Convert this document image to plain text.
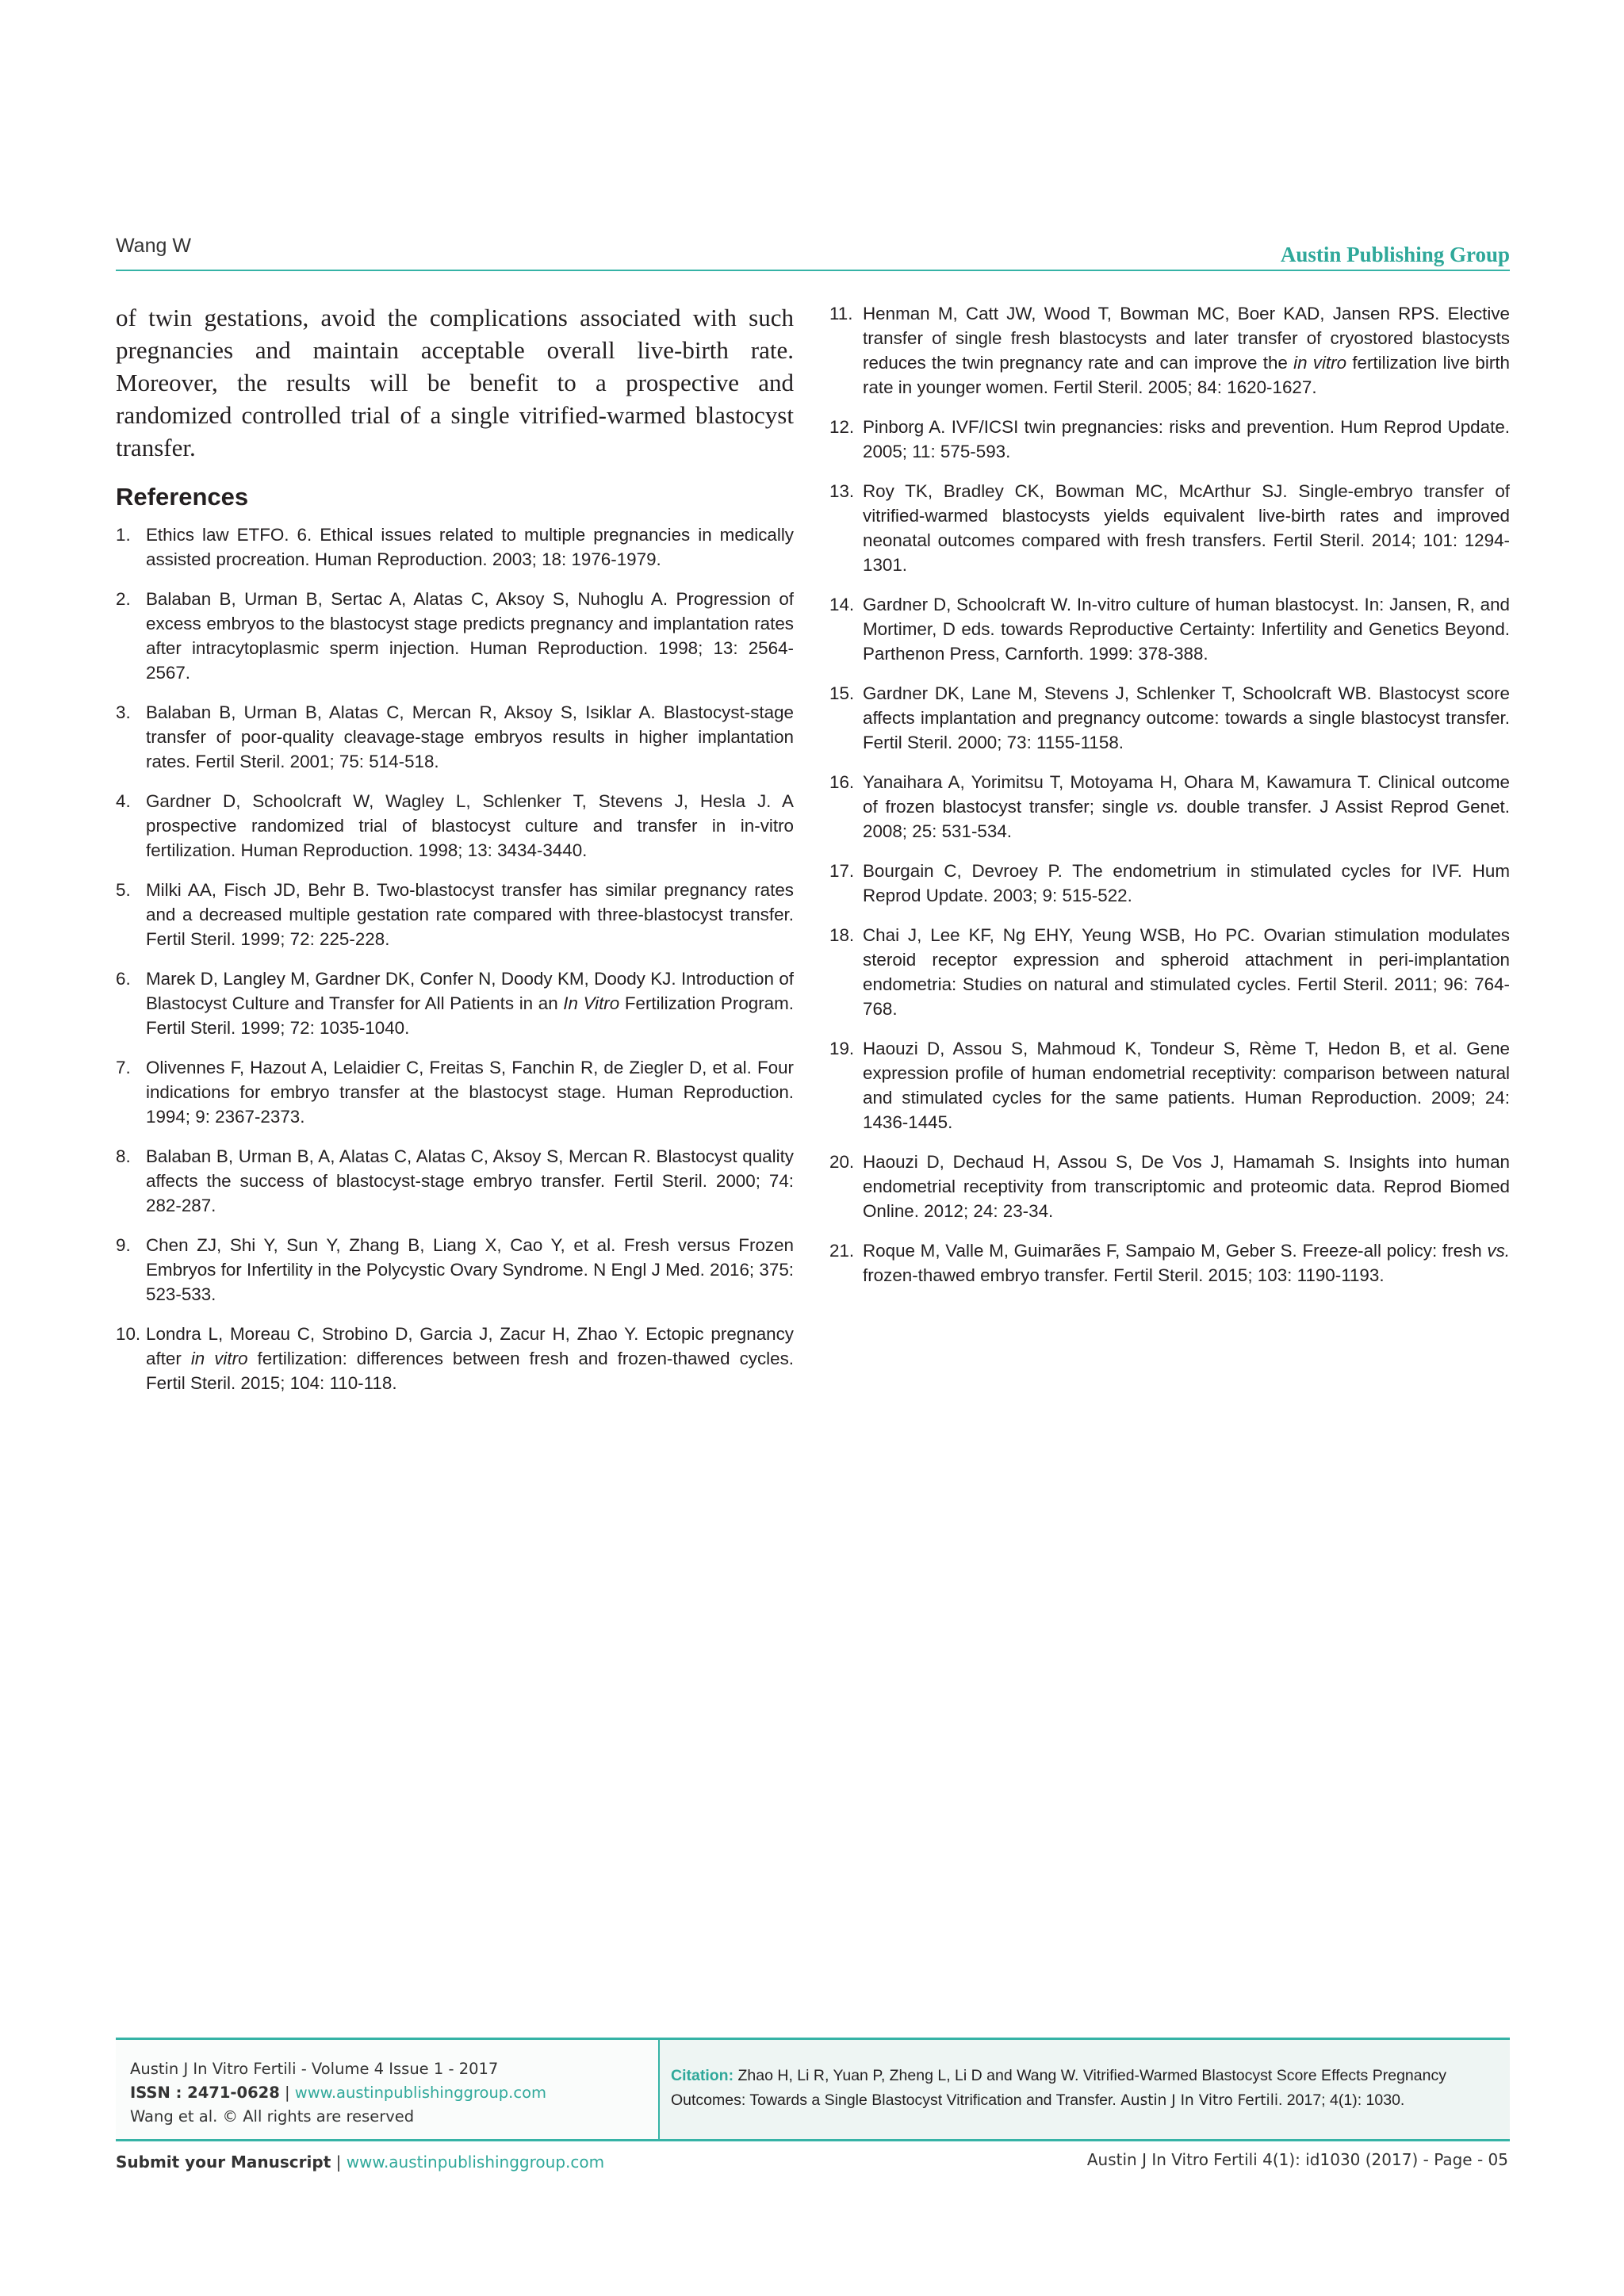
Wang W	Austin Publishing Group

of twin gestations, avoid the complications associated with such pregnancies and maintain acceptable overall live-birth rate. Moreover, the results will be benefit to a prospective and randomized controlled trial of a single vitrified-warmed blastocyst transfer.

References
1. Ethics law ETFO. 6. Ethical issues related to multiple pregnancies in medically assisted procreation. Human Reproduction. 2003; 18: 1976-1979.
2. Balaban B, Urman B, Sertac A, Alatas C, Aksoy S, Nuhoglu A. Progression of excess embryos to the blastocyst stage predicts pregnancy and implantation rates after intracytoplasmic sperm injection. Human Reproduction. 1998; 13: 2564-2567.
3. Balaban B, Urman B, Alatas C, Mercan R, Aksoy S, Isiklar A. Blastocyst-stage transfer of poor-quality cleavage-stage embryos results in higher implantation rates. Fertil Steril. 2001; 75: 514-518.
4. Gardner D, Schoolcraft W, Wagley L, Schlenker T, Stevens J, Hesla J. A prospective randomized trial of blastocyst culture and transfer in in-vitro fertilization. Human Reproduction. 1998; 13: 3434-3440.
5. Milki AA, Fisch JD, Behr B. Two-blastocyst transfer has similar pregnancy rates and a decreased multiple gestation rate compared with three-blastocyst transfer. Fertil Steril. 1999; 72: 225-228.
6. Marek D, Langley M, Gardner DK, Confer N, Doody KM, Doody KJ. Introduction of Blastocyst Culture and Transfer for All Patients in an In Vitro Fertilization Program. Fertil Steril. 1999; 72: 1035-1040.
7. Olivennes F, Hazout A, Lelaidier C, Freitas S, Fanchin R, de Ziegler D, et al. Four indications for embryo transfer at the blastocyst stage. Human Reproduction. 1994; 9: 2367-2373.
8. Balaban B, Urman B, A, Alatas C, Alatas C, Aksoy S, Mercan R. Blastocyst quality affects the success of blastocyst-stage embryo transfer. Fertil Steril. 2000; 74: 282-287.
9. Chen ZJ, Shi Y, Sun Y, Zhang B, Liang X, Cao Y, et al. Fresh versus Frozen Embryos for Infertility in the Polycystic Ovary Syndrome. N Engl J Med. 2016; 375: 523-533.
10. Londra L, Moreau C, Strobino D, Garcia J, Zacur H, Zhao Y. Ectopic pregnancy after in vitro fertilization: differences between fresh and frozen-thawed cycles. Fertil Steril. 2015; 104: 110-118.
11. Henman M, Catt JW, Wood T, Bowman MC, Boer KAD, Jansen RPS. Elective transfer of single fresh blastocysts and later transfer of cryostored blastocysts reduces the twin pregnancy rate and can improve the in vitro fertilization live birth rate in younger women. Fertil Steril. 2005; 84: 1620-1627.
12. Pinborg A. IVF/ICSI twin pregnancies: risks and prevention. Hum Reprod Update. 2005; 11: 575-593.
13. Roy TK, Bradley CK, Bowman MC, McArthur SJ. Single-embryo transfer of vitrified-warmed blastocysts yields equivalent live-birth rates and improved neonatal outcomes compared with fresh transfers. Fertil Steril. 2014; 101: 1294-1301.
14. Gardner D, Schoolcraft W. In-vitro culture of human blastocyst. In: Jansen, R, and Mortimer, D eds. towards Reproductive Certainty: Infertility and Genetics Beyond. Parthenon Press, Carnforth. 1999: 378-388.
15. Gardner DK, Lane M, Stevens J, Schlenker T, Schoolcraft WB. Blastocyst score affects implantation and pregnancy outcome: towards a single blastocyst transfer. Fertil Steril. 2000; 73: 1155-1158.
16. Yanaihara A, Yorimitsu T, Motoyama H, Ohara M, Kawamura T. Clinical outcome of frozen blastocyst transfer; single vs. double transfer. J Assist Reprod Genet. 2008; 25: 531-534.
17. Bourgain C, Devroey P. The endometrium in stimulated cycles for IVF. Hum Reprod Update. 2003; 9: 515-522.
18. Chai J, Lee KF, Ng EHY, Yeung WSB, Ho PC. Ovarian stimulation modulates steroid receptor expression and spheroid attachment in peri-implantation endometria: Studies on natural and stimulated cycles. Fertil Steril. 2011; 96: 764-768.
19. Haouzi D, Assou S, Mahmoud K, Tondeur S, Rème T, Hedon B, et al. Gene expression profile of human endometrial receptivity: comparison between natural and stimulated cycles for the same patients. Human Reproduction. 2009; 24: 1436-1445.
20. Haouzi D, Dechaud H, Assou S, De Vos J, Hamamah S. Insights into human endometrial receptivity from transcriptomic and proteomic data. Reprod Biomed Online. 2012; 24: 23-34.
21. Roque M, Valle M, Guimarães F, Sampaio M, Geber S. Freeze-all policy: fresh vs. frozen-thawed embryo transfer. Fertil Steril. 2015; 103: 1190-1193.
Austin J In Vitro Fertili - Volume 4 Issue 1 - 2017
ISSN : 2471-0628 | www.austinpublishinggroup.com
Wang et al. © All rights are reserved
Citation: Zhao H, Li R, Yuan P, Zheng L, Li D and Wang W. Vitrified-Warmed Blastocyst Score Effects Pregnancy Outcomes: Towards a Single Blastocyst Vitrification and Transfer. Austin J In Vitro Fertili. 2017; 4(1): 1030.
Submit your Manuscript | www.austinpublishinggroup.com	Austin J In Vitro Fertili 4(1): id1030 (2017) - Page - 05
